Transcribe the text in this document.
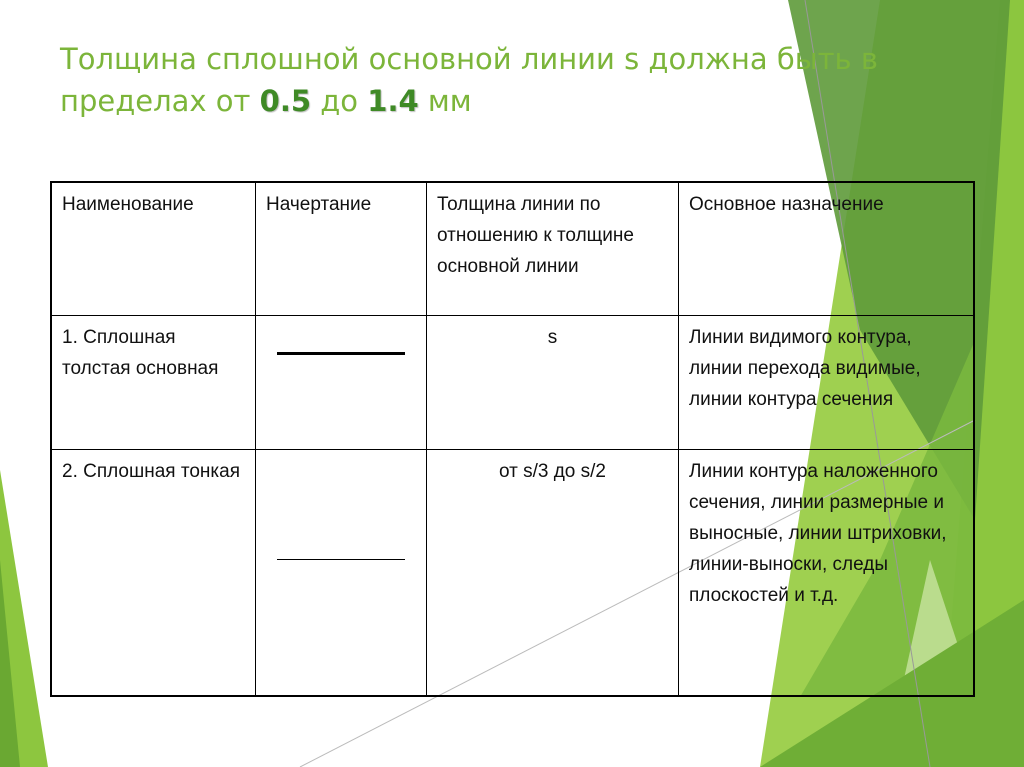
Толщина сплошной основной линии s должна быть в
пределах от 0.5 до 1.4 мм
Наименование	Начертание	Толщина линии по отношению к толщине основной линии	Основное назначение
1. Сплошная толстая основная		s	Линии видимого контура, линии перехода видимые, линии контура сечения
2. Сплошная тонкая		от s/3 до s/2	Линии контура наложенного сечения, линии размерные и выносные, линии штриховки, линии-выноски, следы плоскостей и т.д.
